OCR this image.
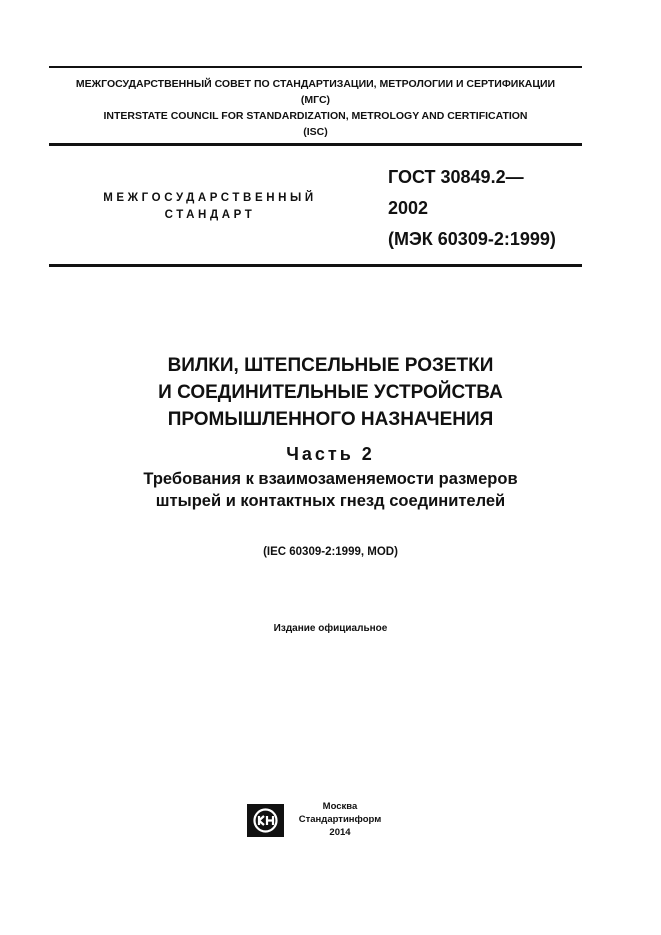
МЕЖГОСУДАРСТВЕННЫЙ СОВЕТ ПО СТАНДАРТИЗАЦИИ, МЕТРОЛОГИИ И СЕРТИФИКАЦИИ
(МГС)
INTERSTATE COUNCIL FOR STANDARDIZATION, METROLOGY AND CERTIFICATION
(ISC)
МЕЖГОСУДАРСТВЕННЫЙ
СТАНДАРТ
ГОСТ 30849.2—
2002
(МЭК 60309-2:1999)
ВИЛКИ, ШТЕПСЕЛЬНЫЕ РОЗЕТКИ
И СОЕДИНИТЕЛЬНЫЕ УСТРОЙСТВА
ПРОМЫШЛЕННОГО НАЗНАЧЕНИЯ
Часть 2
Требования к взаимозаменяемости размеров
штырей и контактных гнезд соединителей
(IEC 60309-2:1999, MOD)
Издание официальное
Москва
Стандартинформ
2014
